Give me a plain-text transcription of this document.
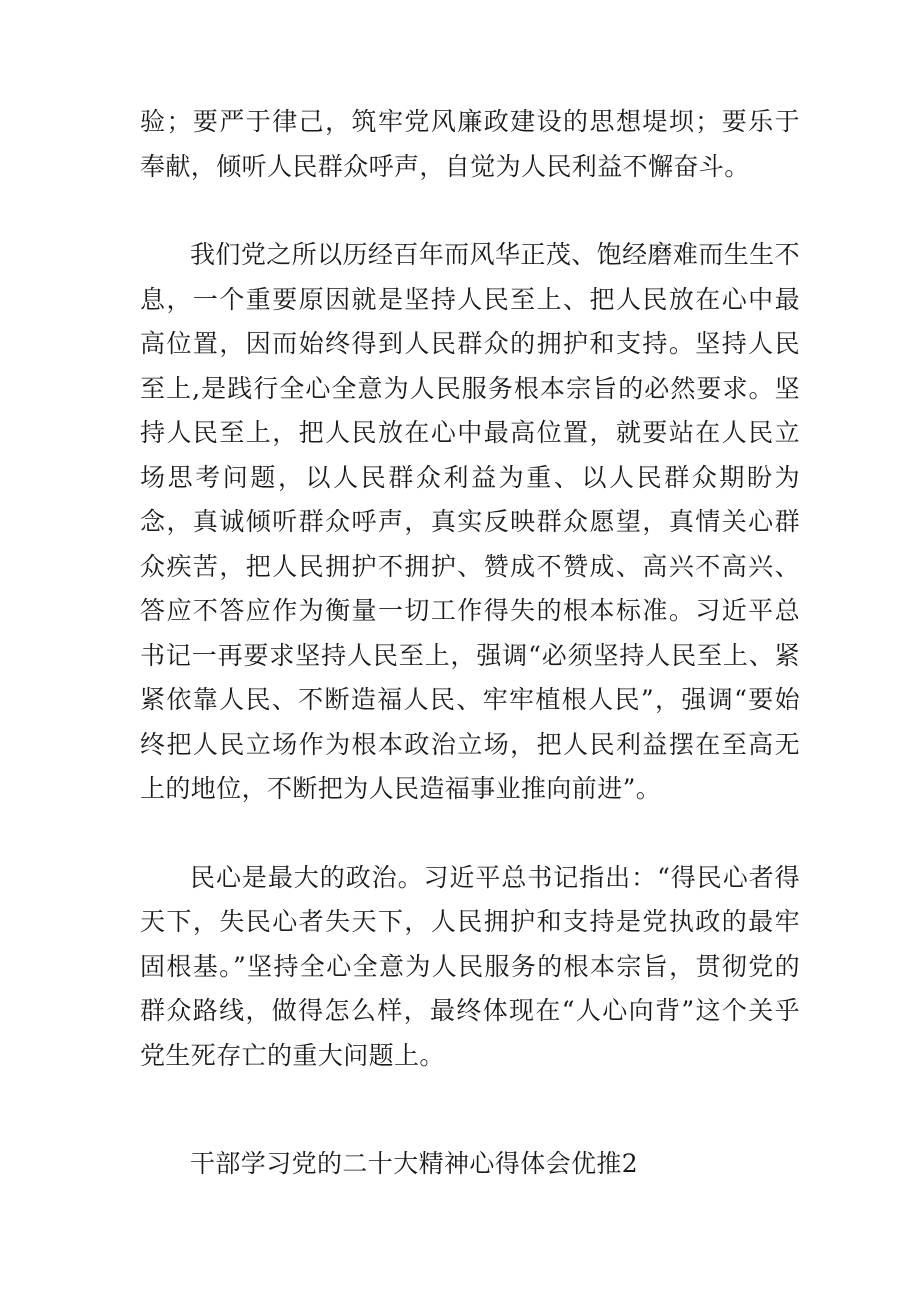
验；要严于律己，筑牢党风廉政建设的思想堤坝；要乐于奉献，倾听人民群众呼声，自觉为人民利益不懈奋斗。

我们党之所以历经百年而风华正茂、饱经磨难而生生不息，一个重要原因就是坚持人民至上、把人民放在心中最高位置，因而始终得到人民群众的拥护和支持。坚持人民至上,是践行全心全意为人民服务根本宗旨的必然要求。坚持人民至上，把人民放在心中最高位置，就要站在人民立场思考问题，以人民群众利益为重、以人民群众期盼为念，真诚倾听群众呼声，真实反映群众愿望，真情关心群众疾苦，把人民拥护不拥护、赞成不赞成、高兴不高兴、答应不答应作为衡量一切工作得失的根本标准。习近平总书记一再要求坚持人民至上，强调“必须坚持人民至上、紧紧依靠人民、不断造福人民、牢牢植根人民”，强调“要始终把人民立场作为根本政治立场，把人民利益摆在至高无上的地位，不断把为人民造福事业推向前进”。

民心是最大的政治。习近平总书记指出：“得民心者得天下，失民心者失天下，人民拥护和支持是党执政的最牢固根基。”坚持全心全意为人民服务的根本宗旨，贯彻党的群众路线，做得怎么样，最终体现在“人心向背”这个关乎党生死存亡的重大问题上。

干部学习党的二十大精神心得体会优推2
